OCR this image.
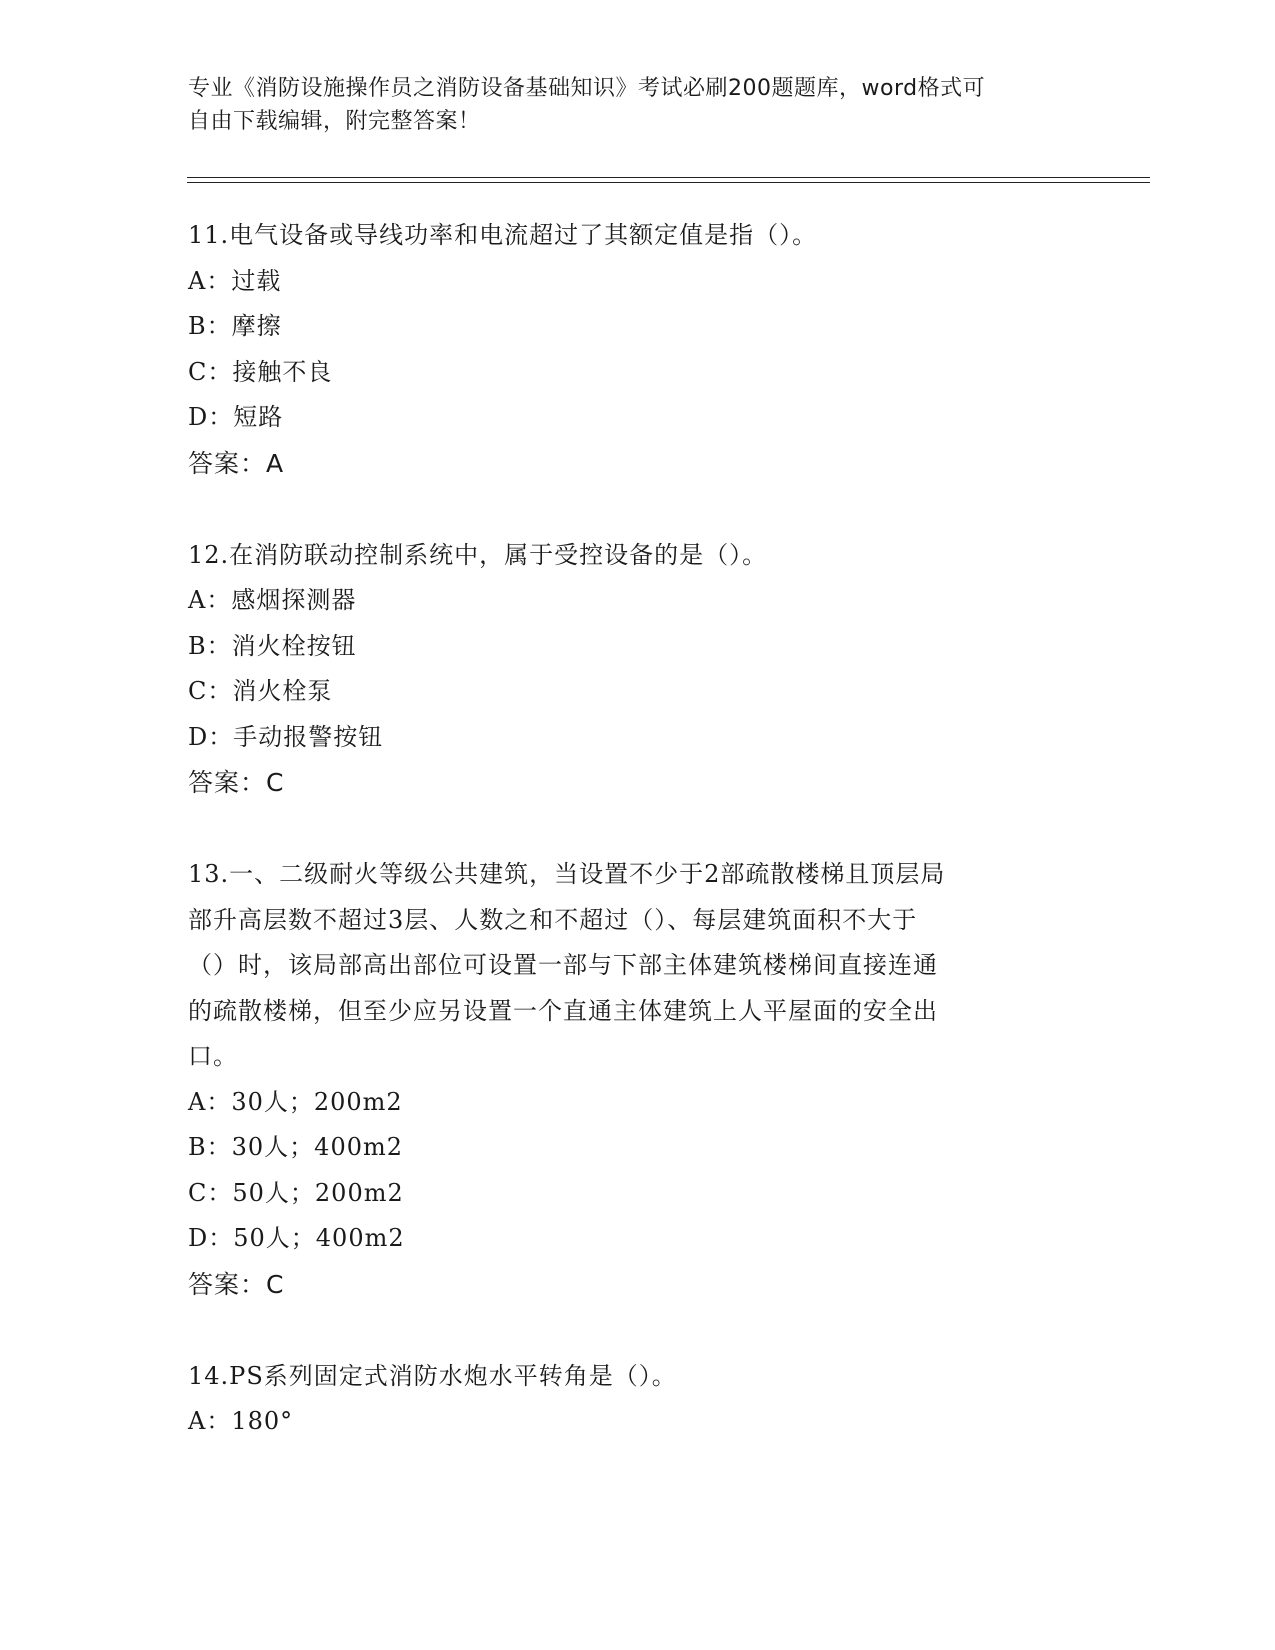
专业《消防设施操作员之消防设备基础知识》考试必刷200题题库，word格式可
自由下载编辑，附完整答案！

11.电气设备或导线功率和电流超过了其额定值是指（）。

A：过载

B：摩擦

C：接触不良

D：短路

答案：A

12.在消防联动控制系统中，属于受控设备的是（）。

A：感烟探测器

B：消火栓按钮

C：消火栓泵

D：手动报警按钮

答案：C

13.一、二级耐火等级公共建筑，当设置不少于2部疏散楼梯且顶层局

部升高层数不超过3层、人数之和不超过（）、每层建筑面积不大于

（）时，该局部高出部位可设置一部与下部主体建筑楼梯间直接连通

的疏散楼梯，但至少应另设置一个直通主体建筑上人平屋面的安全出

口。

A：30人；200m2

B：30人；400m2

C：50人；200m2

D：50人；400m2

答案：C

14.PS系列固定式消防水炮水平转角是（）。

A：180°
